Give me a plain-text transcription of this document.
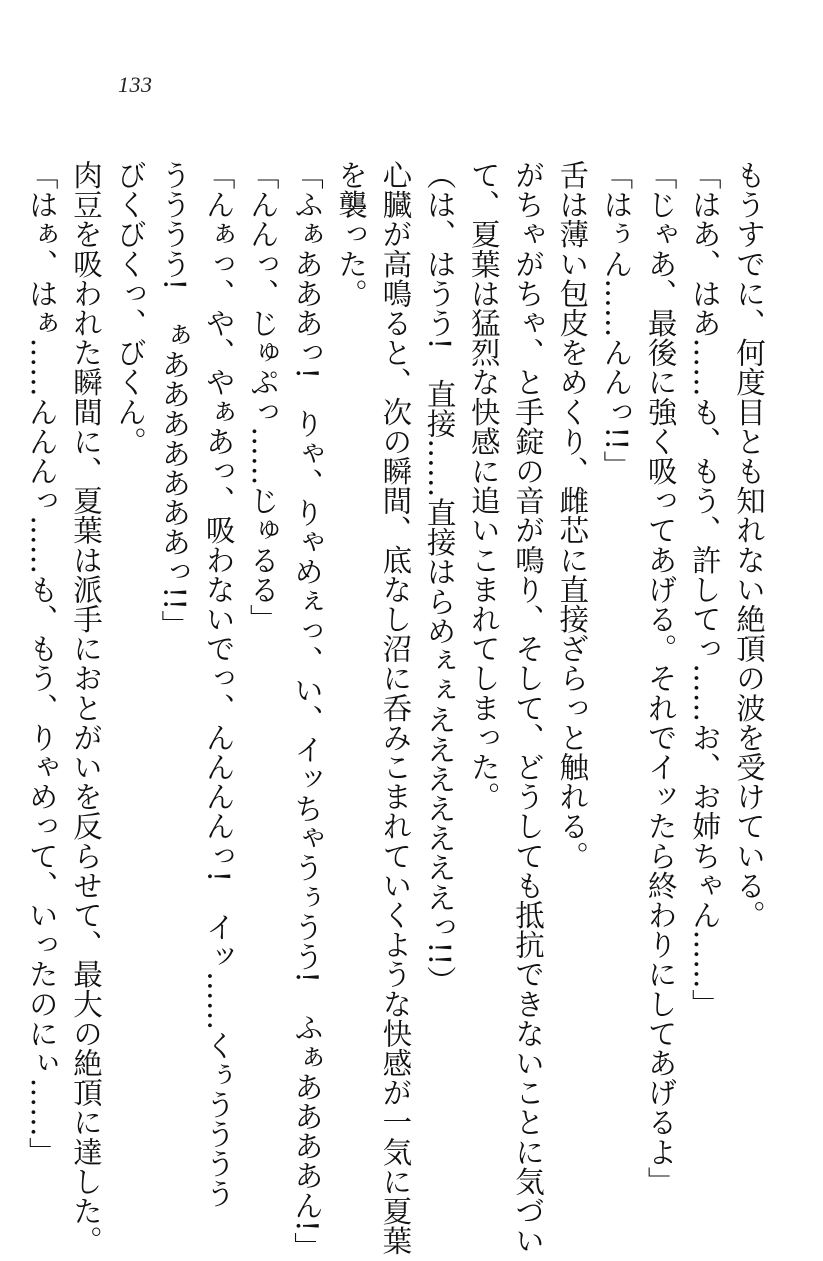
133
もうすでに、何度目とも知れない絶頂の波を受けている。
「はあ、はあ……も、もう、許してっ……お、お姉ちゃん……」
「じゃあ、最後に強く吸ってあげる。それでイッたら終わりにしてあげるよ」
「はぅん……んんっ!!」
舌は薄い包皮をめくり、雌芯に直接ざらっと触れる。
がちゃがちゃ、と手錠の音が鳴り、そして、どうしても抵抗できないことに気づい
て、夏葉は猛烈な快感に追いこまれてしまった。
（は、はうう!　直接……直接はらめぇぇえええええええっ!!）
心臓が高鳴ると、次の瞬間、底なし沼に呑みこまれていくような快感が一気に夏葉
を襲った。
「ふぁあああっ!　りゃ、りゃめぇっ、い、イッちゃうぅうう!　ふぁああああん!」
「んんっ、じゅぷっ……じゅるる」
「んぁっ、や、やぁあっ、吸わないでっ、んんんんっ!　イッ……くぅうううう
うううう!　ぁあああああああっ!!」
びくびくっ、びくん。
肉豆を吸われた瞬間に、夏葉は派手におとがいを反らせて、最大の絶頂に達した。
「はぁ、はぁ……んんんっ……も、もう、りゃめって、いったのにぃ……」
